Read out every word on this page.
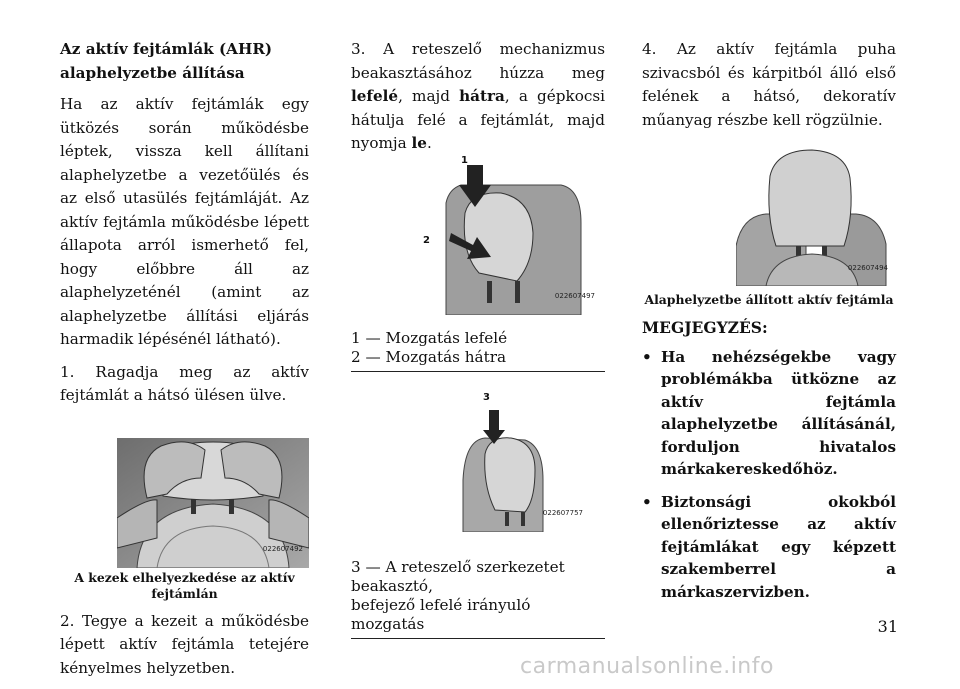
Az aktív fejtámlák (AHR)
alaphelyzetbe állítása

Ha az aktív fejtámlák egy ütközés során működésbe léptek, vissza kell állítani alaphelyzetbe a vezetőülés és az első utasülés fejtámláját. Az aktív fejtámla működésbe lépett állapota arról ismerhető fel, hogy előbbre áll az alaphelyzeténél (amint az alaphelyzetbe állítási eljárás harmadik lépésénél látható).

1. Ragadja meg az aktív fejtámlát a hátsó ülésen ülve.

022607492
A kezek elhelyezkedése az aktív fejtámlán

2. Tegye a kezeit a működésbe lépett aktív fejtámla tetejére kényelmes helyzetben.

3. A reteszelő mechanizmus beakasztásához húzza meg lefelé, majd hátra, a gépkocsi hátulja felé a fejtámlát, majd nyomja le.

1
2
022607497
1 — Mozgatás lefelé
2 — Mozgatás hátra
3
022607757
3 — A reteszelő szerkezetet beakasztó,
befejező lefelé irányuló mozgatás

4. Az aktív fejtámla puha szivacsból és kárpitból álló első felének a hátsó, dekoratív műanyag részbe kell rögzülnie.

022607494
Alaphelyzetbe állított aktív fejtámla
MEGJEGYZÉS:
• Ha nehézségekbe vagy problémákba ütközne az aktív fejtámla alaphelyzetbe állításánál, forduljon hivatalos márkakereskedőhöz.
• Biztonsági okokból ellenőriztesse az aktív fejtámlákat egy képzett szakemberrel a márkaszervizben.
31
carmanualsonline.info
